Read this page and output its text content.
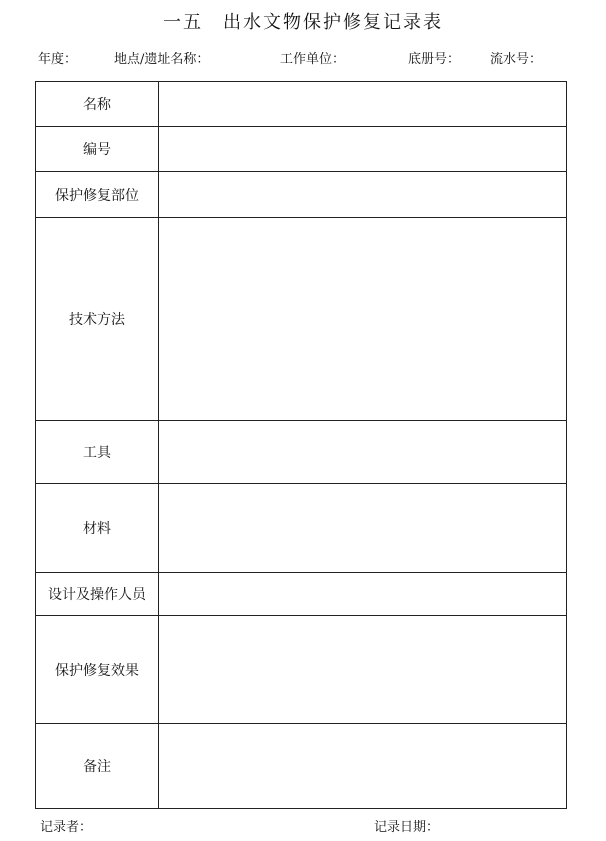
一五　出水文物保护修复记录表
年度：	地点/遗址名称：	工作单位：	底册号： 流水号：
名称	
编号	
保护修复部位	
技术方法	
工具	
材料	
设计及操作人员	
保护修复效果	
备注	
记录者：	记录日期：
